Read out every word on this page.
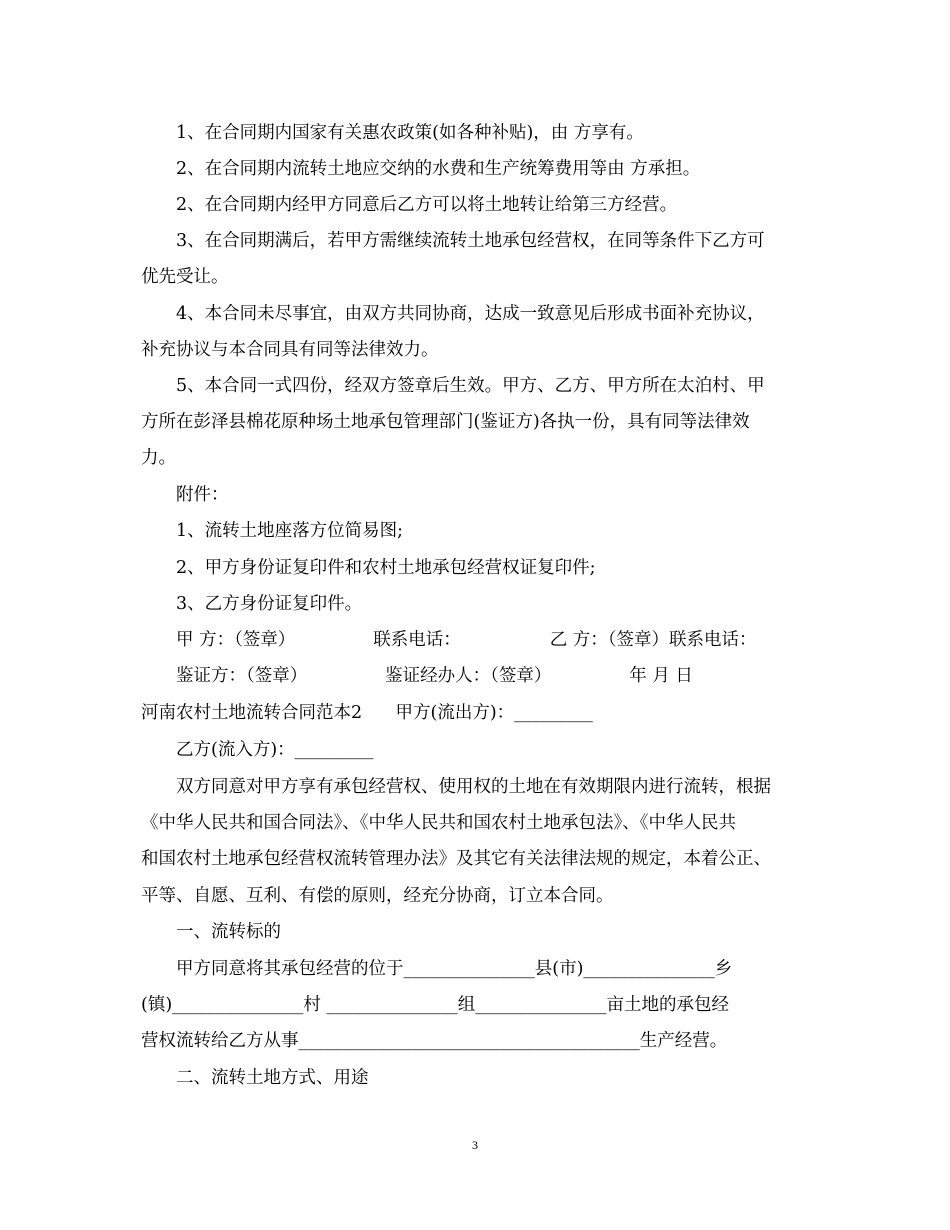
1、在合同期内国家有关惠农政策(如各种补贴)，由 方享有。
2、在合同期内流转土地应交纳的水费和生产统筹费用等由 方承担。
2、在合同期内经甲方同意后乙方可以将土地转让给第三方经营。
3、在合同期满后，若甲方需继续流转土地承包经营权，在同等条件下乙方可
优先受让。
4、本合同未尽事宜，由双方共同协商，达成一致意见后形成书面补充协议，
补充协议与本合同具有同等法律效力。
5、本合同一式四份，经双方签章后生效。甲方、乙方、甲方所在太泊村、甲
方所在彭泽县棉花原种场土地承包管理部门(鉴证方)各执一份，具有同等法律效
力。
附件：
1、流转土地座落方位简易图;
2、甲方身份证复印件和农村土地承包经营权证复印件;
3、乙方身份证复印件。
甲 方：（签章）              联系电话：                乙 方：（签章）联系电话：
鉴证方：（签章）              鉴证经办人：（签章）              年 月 日
河南农村土地流转合同范本2      甲方(流出方)：_________
乙方(流入方)：_________
双方同意对甲方享有承包经营权、使用权的土地在有效期限内进行流转，根据
《中华人民共和国合同法》、《中华人民共和国农村土地承包法》、《中华人民共
和国农村土地承包经营权流转管理办法》及其它有关法律法规的规定，本着公正、
平等、自愿、互利、有偿的原则，经充分协商，订立本合同。
一、流转标的
甲方同意将其承包经营的位于_______________县(市)_______________乡
(镇)_______________村 _______________组_______________亩土地的承包经
营权流转给乙方从事_______________________________________生产经营。
二、流转土地方式、用途
3
